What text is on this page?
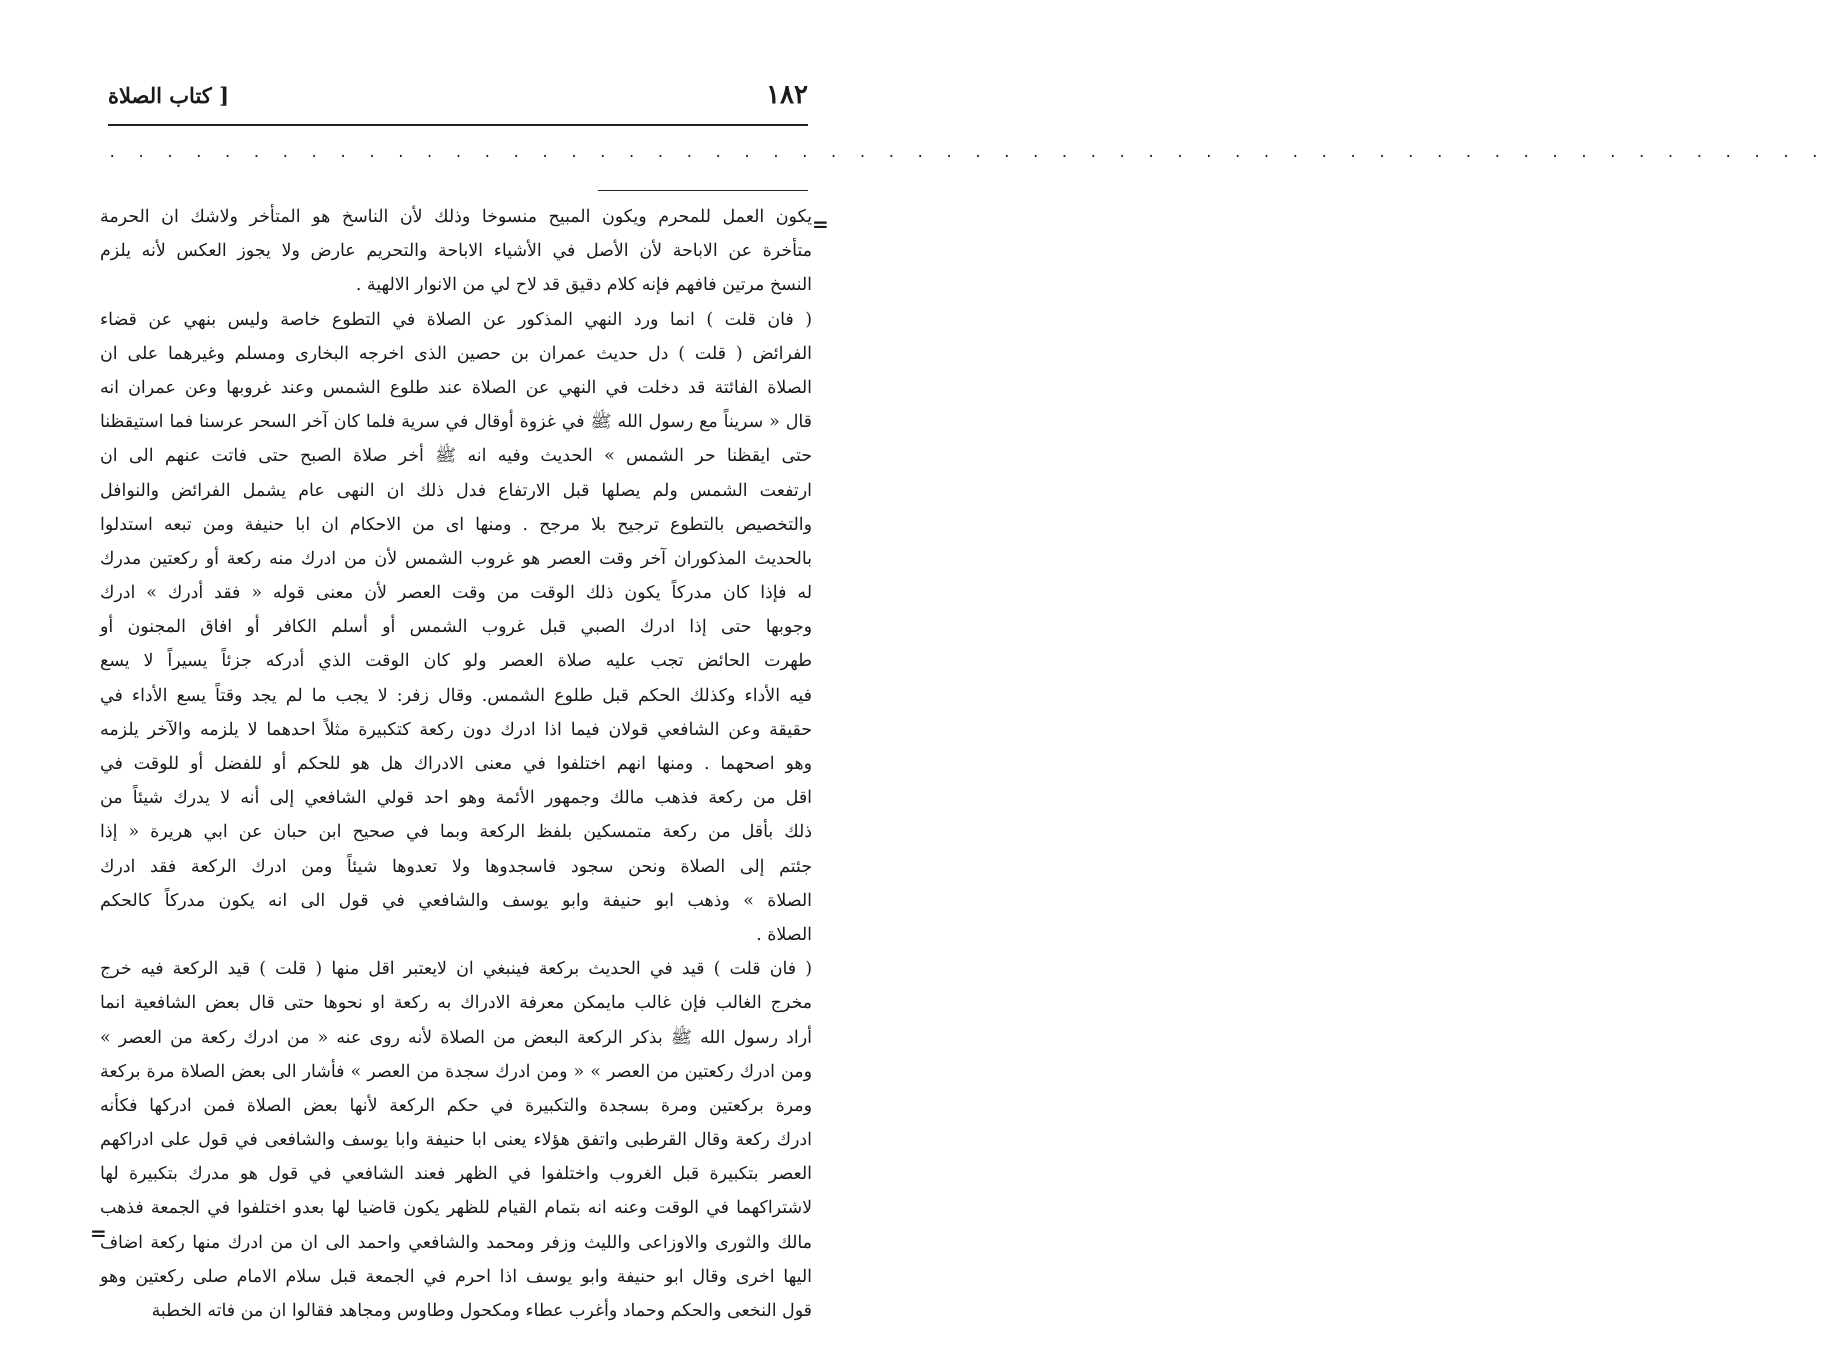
١٨٢
[ كتاب الصلاة
. . . . . . . . . . . . . . . . . . . . . . . . . . . . . . . . . . . . . . . . . . . . . . . . . . . . . . . . . . . .
=
يكون العمل للمحرم ويكون المبيح منسوخا وذلك لأن الناسخ هو المتأخر ولاشك ان الحرمة
متأخرة عن الاباحة لأن الأصل في الأشياء الاباحة والتحريم عارض ولا يجوز العكس لأنه يلزم
النسخ مرتين فافهم فإنه كلام دقيق قد لاح لي من الانوار الالهية .
( فان قلت ) انما ورد النهي المذكور عن الصلاة في التطوع خاصة وليس بنهي عن قضاء
الفرائض ( قلت ) دل حديث عمران بن حصين الذى اخرجه البخارى ومسلم وغيرهما على ان
الصلاة الفائتة قد دخلت في النهي عن الصلاة عند طلوع الشمس وعند غروبها وعن عمران انه
قال « سريناً مع رسول الله ﷺ في غزوة أوقال في سرية فلما كان آخر السحر عرسنا فما استيقظنا
حتى ايقظنا حر الشمس » الحديث وفيه انه ﷺ أخر صلاة الصبح حتى فاتت عنهم الى ان
ارتفعت الشمس ولم يصلها قبل الارتفاع فدل ذلك ان النهى عام يشمل الفرائض والنوافل
والتخصيص بالتطوع ترجيح بلا مرجح . ومنها اى من الاحكام ان ابا حنيفة ومن تبعه استدلوا
بالحديث المذكوران آخر وقت العصر هو غروب الشمس لأن من ادرك منه ركعة أو ركعتين مدرك
له فإذا كان مدركاً يكون ذلك الوقت من وقت العصر لأن معنى قوله « فقد أدرك » ادرك
وجوبها حتى إذا ادرك الصبي قبل غروب الشمس أو أسلم الكافر أو افاق المجنون أو
طهرت الحائض تجب عليه صلاة العصر ولو كان الوقت الذي أدركه جزئاً يسيراً لا يسع
فيه الأداء وكذلك الحكم قبل طلوع الشمس. وقال زفر: لا يجب ما لم يجد وقتاً يسع الأداء في
حقيقة وعن الشافعي قولان فيما اذا ادرك دون ركعة كتكبيرة مثلاً احدهما لا يلزمه والآخر يلزمه
وهو اصحهما . ومنها انهم اختلفوا في معنى الادراك هل هو للحكم أو للفضل أو للوقت في
اقل من ركعة فذهب مالك وجمهور الأئمة وهو احد قولي الشافعي إلى أنه لا يدرك شيئاً من
ذلك بأقل من ركعة متمسكين بلفظ الركعة وبما في صحيح ابن حبان عن ابي هريرة « إذا
جئتم إلى الصلاة ونحن سجود فاسجدوها ولا تعدوها شيئاً ومن ادرك الركعة فقد ادرك
الصلاة » وذهب ابو حنيفة وابو يوسف والشافعي في قول الى انه يكون مدركاً كالحكم
الصلاة .
( فان قلت ) قيد في الحديث بركعة فينبغي ان لايعتبر اقل منها ( قلت ) قيد الركعة فيه خرج
مخرج الغالب فإن غالب مايمكن معرفة الادراك به ركعة او نحوها حتى قال بعض الشافعية انما
أراد رسول الله ﷺ بذكر الركعة البعض من الصلاة لأنه روى عنه « من ادرك ركعة من العصر »
ومن ادرك ركعتين من العصر » « ومن ادرك سجدة من العصر » فأشار الى بعض الصلاة مرة بركعة
ومرة بركعتين ومرة بسجدة والتكبيرة في حكم الركعة لأنها بعض الصلاة فمن ادركها فكأنه
ادرك ركعة وقال القرطبى واتفق هؤلاء يعنى ابا حنيفة وابا يوسف والشافعى في قول على ادراكهم
العصر بتكبيرة قبل الغروب واختلفوا في الظهر فعند الشافعي في قول هو مدرك بتكبيرة لها
لاشتراكهما في الوقت وعنه انه بتمام القيام للظهر يكون قاضيا لها بعدو اختلفوا في الجمعة فذهب
مالك والثورى والاوزاعى والليث وزفر ومحمد والشافعي واحمد الى ان من ادرك منها ركعة اضاف
اليها اخرى وقال ابو حنيفة وابو يوسف اذا احرم في الجمعة قبل سلام الامام صلى ركعتين وهو
قول النخعى والحكم وحماد وأغرب عطاء ومكحول وطاوس ومجاهد فقالوا ان من فاته الخطبة
=
